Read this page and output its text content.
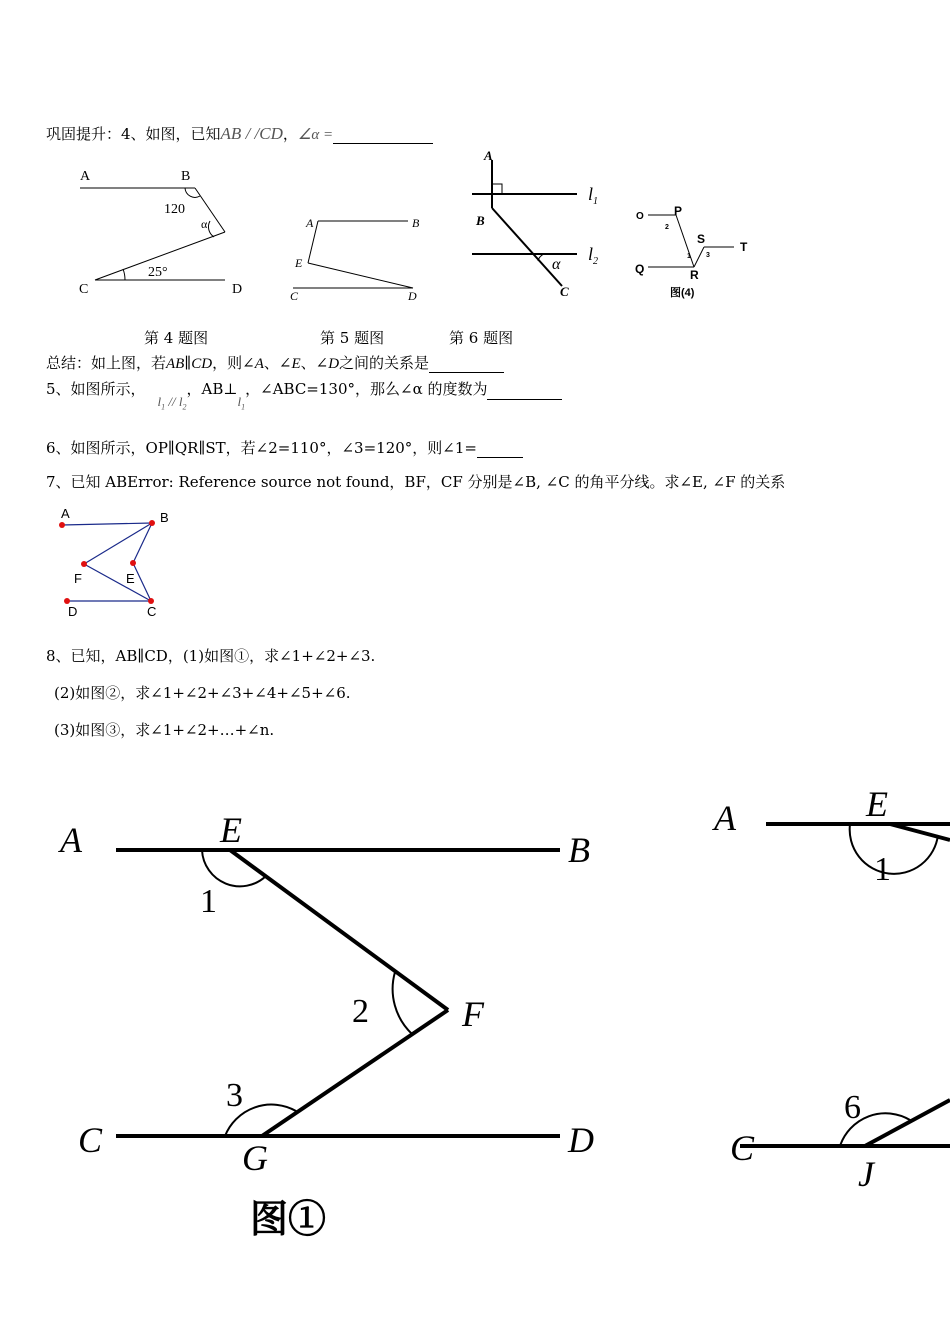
巩固提升：4、如图，已知AB / /CD，∠α =
A	B
C	D
120
α
25°
A	B
E
C	D
A
B
C
$l_1$
$l_2$
α
O	P
Q	R
S
T
2
1 3
图(4)
第 4 题图	第 5 题图	第 6 题图
总结：如上图，若AB∥CD，则∠A、∠E、∠D之间的关系是
5、如图所示，$l_1 // l_2$，$AB\perp l_1$，∠ABC=130°，那么∠α 的度数为
6、如图所示，OP∥QR∥ST，若∠2=110°，∠3=120°，则∠1=
7、已知 ABError: Reference source not found，BF，CF 分别是∠B, ∠C 的角平分线。求∠E, ∠F 的关系
A	B
F	E
D	C
8、已知，AB∥CD，(1)如图①，求∠1+∠2+∠3.
(2)如图②，求∠1+∠2+∠3+∠4+∠5+∠6.
(3)如图③，求∠1+∠2+…+∠n.
A	E	B
1
2	F
3
C	G	D
图①
A	E
1
6
C
J
